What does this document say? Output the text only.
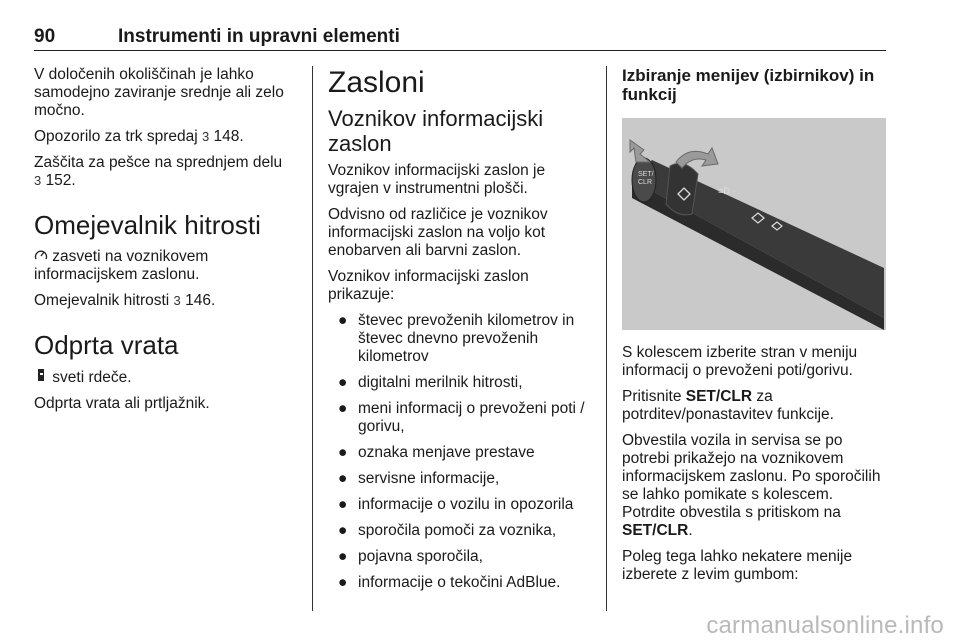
90	Instrumenti in upravni elementi

V določenih okoliščinah je lahko samodejno zaviranje srednje ali zelo močno.

Opozorilo za trk spredaj 3 148.

Zaščita za pešce na sprednjem delu
3 152.

Omejevalnik hitrosti

zasveti na voznikovem informacijskem zaslonu.

Omejevalnik hitrosti 3 146.

Odprta vrata

sveti rdeče.

Odprta vrata ali prtljažnik.

Zasloni
Voznikov informacijski zaslon

Voznikov informacijski zaslon je vgrajen v instrumentni plošči.

Odvisno od različice je voznikov informacijski zaslon na voljo kot enobarven ali barvni zaslon.

Voznikov informacijski zaslon prikazuje:

● števec prevoženih kilometrov in števec dnevno prevoženih kilometrov
● digitalni merilnik hitrosti,
● meni informacij o prevoženi poti / gorivu,
● oznaka menjave prestave
● servisne informacije,
● informacije o vozilu in opozorila
● sporočila pomoči za voznika,
● pojavna sporočila,
● informacije o tekočini AdBlue.
Izbiranje menijev (izbirnikov) in funkcij
SET/
CLR
≡D ◦

S kolescem izberite stran v meniju informacij o prevoženi poti/gorivu.

Pritisnite SET/CLR za potrditev/ponastavitev funkcije.

Obvestila vozila in servisa se po potrebi prikažejo na voznikovem informacijskem zaslonu. Po sporočilih se lahko pomikate s kolescem. Potrdite obvestila s pritiskom na SET/CLR.

Poleg tega lahko nekatere menije izberete z levim gumbom:

carmanualsonline.info
